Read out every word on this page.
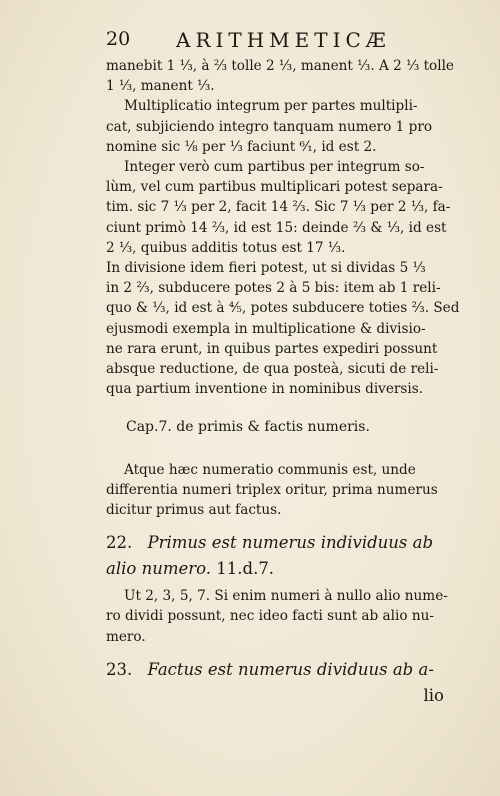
20 ARITHMETICÆ

manebit 1 ⅓, à ⅔ tolle 2 ⅓, manent ⅓. A 2 ⅓ tolle
1 ⅓, manent ⅓.

Multiplicatio integrum per partes multipli-
cat, subjiciendo integro tanquam numero 1 pro
nomine sic ⅛ per ⅓ faciunt ⁶⁄₁, id est 2.

Integer verò cum partibus per integrum so-
lùm, vel cum partibus multiplicari potest separa-
tim. sic 7 ⅓ per 2, facit 14 ⅔. Sic 7 ⅓ per 2 ⅓, fa-
ciunt primò 14 ⅔, id est 15: deinde ⅔ & ⅓, id est
2 ⅓, quibus additis totus est 17 ⅓.

In divisione idem fieri potest, ut si dividas 5 ⅓
in 2 ⅔, subducere potes 2 à 5 bis: item ab 1 reli-
quo & ⅓, id est à ⅘, potes subducere toties ⅔. Sed
ejusmodi exempla in multiplicatione & divisio-
ne rara erunt, in quibus partes expediri possunt
absque reductione, de qua posteà, sicuti de reli-
qua partium inventione in nominibus diversis.

Cap.7. de primis & factis numeris.

Atque hæc numeratio communis est, unde
differentia numeri triplex oritur, prima numerus
dicitur primus aut factus.

22. Primus est numerus individuus ab
alio numero. 11.d.7.

Ut 2, 3, 5, 7. Si enim numeri à nullo alio nume-
ro dividi possunt, nec ideo facti sunt ab alio nu-
mero.

23. Factus est numerus dividuus ab a-
lio
